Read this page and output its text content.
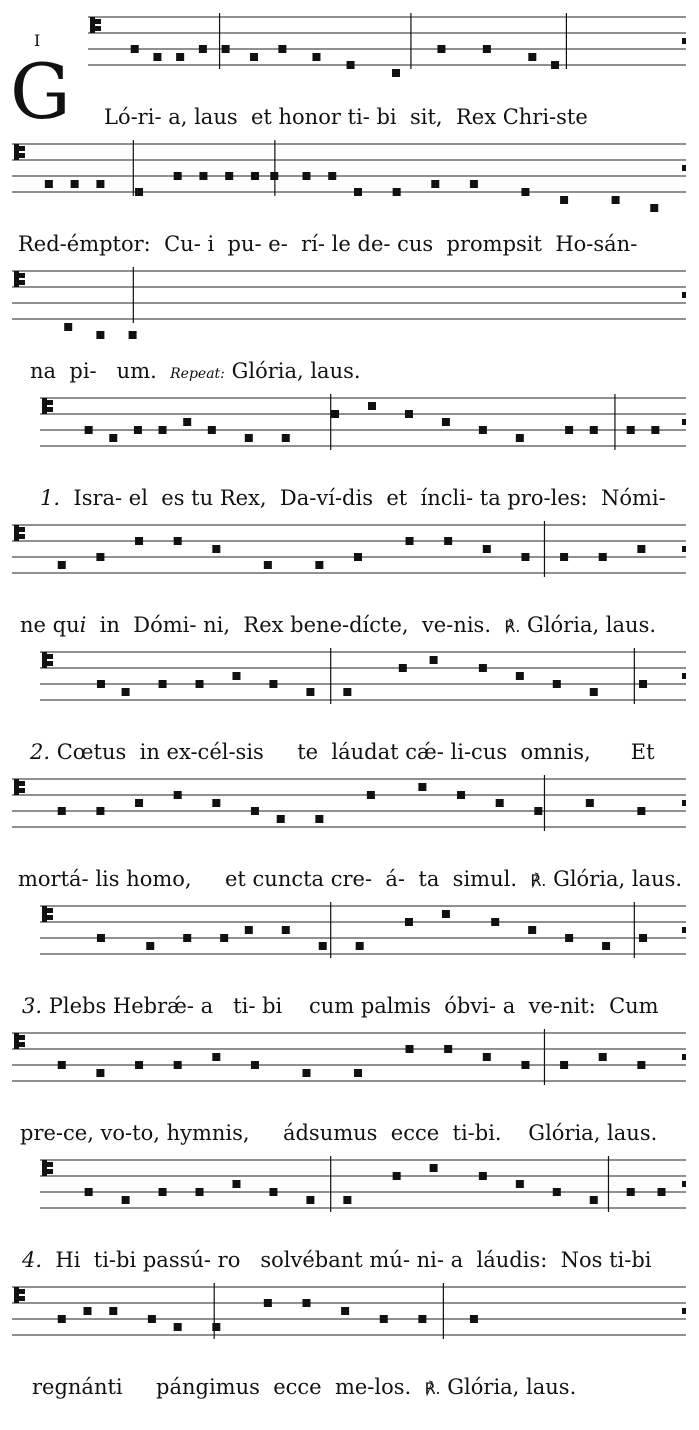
I
G Ló-ri- a, laus  et honor ti- bi  sit,  Rex Chri-ste
Red-émptor:  Cu- i  pu- e-  rí- le de- cus  prompsit  Ho-sán-
na  pi-   um.  Repeat: Glória, laus.
1.  Isra- el  es tu Rex,  Da-ví-dis  et  íncli- ta pro-les:  Nómi-
ne qui  in  Dómi- ni,  Rex bene-dícte,  ve-nis.  ℟. Glória, laus.
2. Cœtus  in ex-cél-sis     te  láudat cǽ- li-cus  omnis,      Et
mortá- lis homo,     et cuncta cre-  á-  ta  simul.  ℟. Glória, laus.
3. Plebs Hebrǽ- a   ti- bi    cum palmis  óbvi- a  ve-nit:  Cum
pre-ce, vo-to, hymnis,     ádsumus  ecce  ti-bi.    Glória, laus.
4.  Hi  ti-bi passú- ro   solvébant mú- ni- a  láudis:  Nos ti-bi
regnánti     pángimus  ecce  me-los.  ℟. Glória, laus.
